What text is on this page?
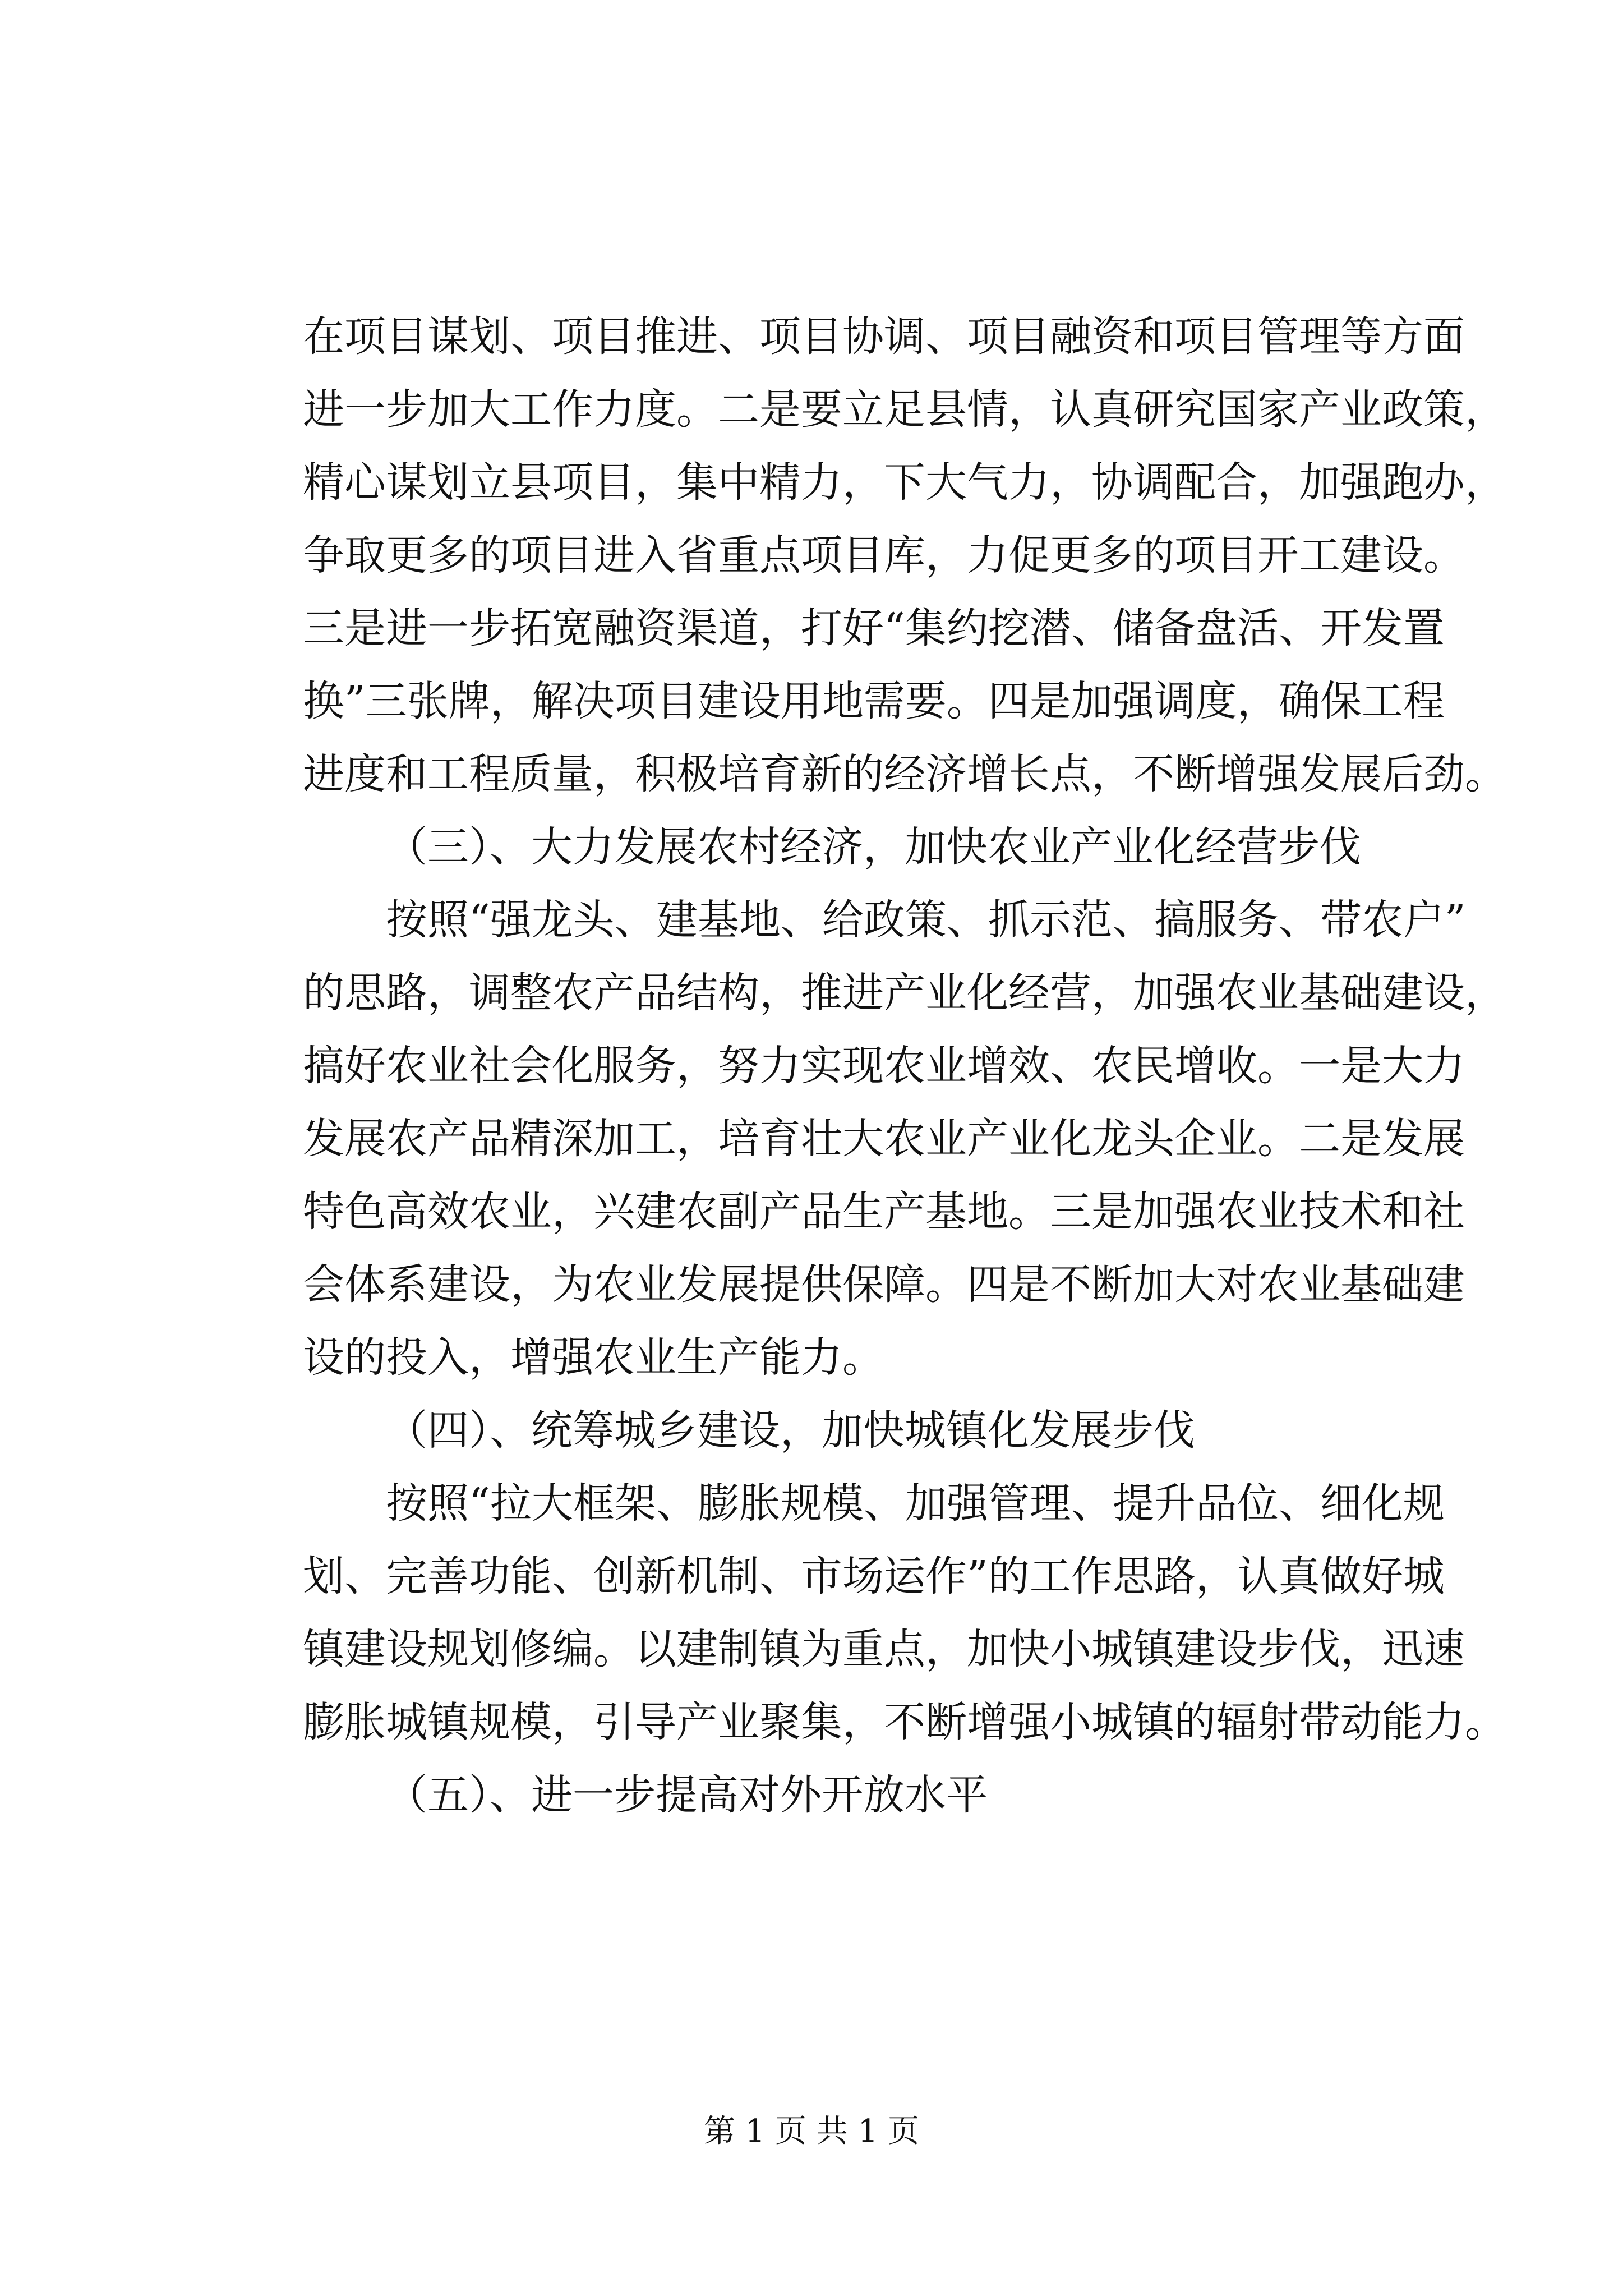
在项目谋划、项目推进、项目协调、项目融资和项目管理等方面
进一步加大工作力度。二是要立足县情，认真研究国家产业政策，
精心谋划立县项目，集中精力，下大气力，协调配合，加强跑办，
争取更多的项目进入省重点项目库，力促更多的项目开工建设。
三是进一步拓宽融资渠道，打好“集约挖潜、储备盘活、开发置
换”三张牌，解决项目建设用地需要。四是加强调度，确保工程
进度和工程质量，积极培育新的经济增长点，不断增强发展后劲。
（三）、大力发展农村经济，加快农业产业化经营步伐
按照“强龙头、建基地、给政策、抓示范、搞服务、带农户”
的思路，调整农产品结构，推进产业化经营，加强农业基础建设，
搞好农业社会化服务，努力实现农业增效、农民增收。一是大力
发展农产品精深加工，培育壮大农业产业化龙头企业。二是发展
特色高效农业，兴建农副产品生产基地。三是加强农业技术和社
会体系建设，为农业发展提供保障。四是不断加大对农业基础建
设的投入，增强农业生产能力。
（四）、统筹城乡建设，加快城镇化发展步伐
按照“拉大框架、膨胀规模、加强管理、提升品位、细化规
划、完善功能、创新机制、市场运作”的工作思路，认真做好城
镇建设规划修编。以建制镇为重点，加快小城镇建设步伐，迅速
膨胀城镇规模，引导产业聚集，不断增强小城镇的辐射带动能力。
（五）、进一步提高对外开放水平
第 1 页 共 1 页
